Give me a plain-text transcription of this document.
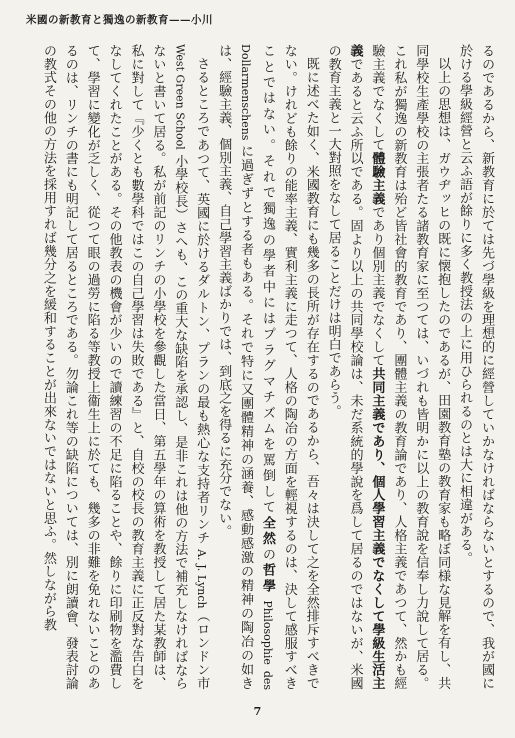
米國の新教育と獨逸の新教育——小川

るのであるから、新教育に於ては先づ學級を理想的に經營していかなければならないとするので、我が國に於ける學級經營と云ふ語が餘りに多く教授法の上に用ひられるのとは大に相違がある。

以上の思想は、ガウヂッヒの既に懐抱したのであるが、田園教育塾の教育家も略ぼ同様な見解を有し、共同學校生產學校の主張者たる諸教育家に至つては、いづれも皆明かに以上の教育說を信奉し力說して居る。これ私が獨逸の新教育は殆ど皆社會的教育であり、團體主義の教育論であり、人格主義であつて、然かも經驗主義でなくして體驗主義であり個別主義でなくして共同主義であり、個人學習主義でなくして學級生活主義であると云ふ所以である。固より以上の共同學校論は、未だ系統的學說を爲して居るのではないが、米國の教育主義と一大對照をなして居ることだけは明白であらう。

既に述べた如く、米國教育にも幾多の長所が存在するのであるから、吾々は決して之を全然排斥すべきでない。けれども餘りの能率主義、實利主義に走つて、人格の陶冶の方面を輕視するのは、決して感服すべきことではない。それで獨逸の學者中にはプラグマチズムを罵倒して全然の哲學 Philosophie des Dollarmenschens に過ぎずとする者もある。それで特に又團體精神の涵養、感動感激の精神の陶冶の如きは、經驗主義、個別主義、自己學習主義ばかりでは、到底之を得るに充分でない。

さるところであつて、英國に於けるダルトン、プランの最も熱心な支持者リンチ A. J. Lynch（ロンドン市 West Green School 小學校長）さへも、この重大な缺陷を承認し、是非これは他の方法で補充しなければならないと書いて居る。私が前記のリンチの小學校を參觀した當日、第五學年の算術を教授して居た某教師は、私に對して『少くとも數學科ではこの自己學習は失敗である』と、自校の校長の教育主義に正反對な告白をなしてくれたことがある。その他教表の機會が少いので讀練習の不足に陷ることや、餘りに印刷物を濫費して、學習に變化が乏しく、從つて眼の過勞に陷る等教授上衞生上に於ても、幾多の非難を免れないことのあるのは、リンチの書にも明記して居るところである。勿論これ等の缺陷については、別に朗讀會、發表討論の教式その他の方法を採用すれば幾分之を緩和することが出來ないではないと思ふ。然しながら教

7
